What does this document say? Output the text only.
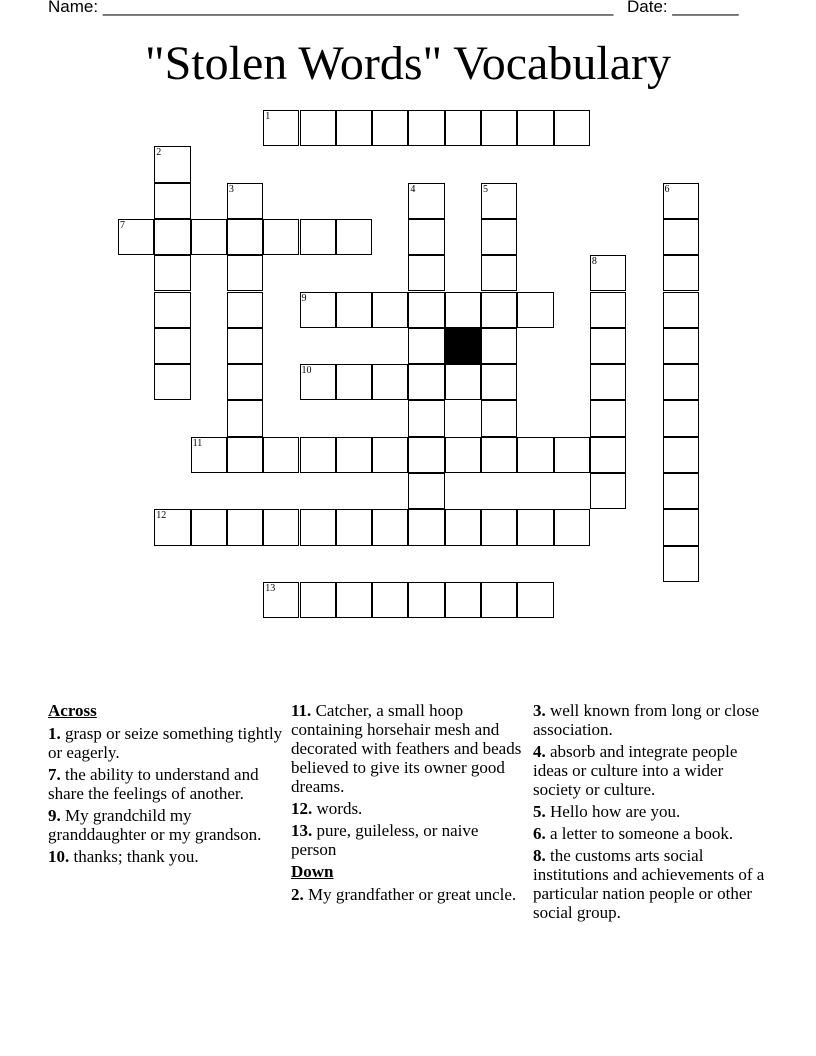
Name: ______________________________________________________ Date: _______
"Stolen Words" Vocabulary
1
2
3	4	5	6
7
8
9
10
11
12
13
Across
1. grasp or seize something tightly or eagerly.
7. the ability to understand and share the feelings of another.
9. My grandchild my granddaughter or my grandson.
10. thanks; thank you.
11. Catcher, a small hoop containing horsehair mesh and decorated with feathers and beads believed to give its owner good dreams.
12. words.
13. pure, guileless, or naive person
Down
2. My grandfather or great uncle.
3. well known from long or close association.
4. absorb and integrate people ideas or culture into a wider society or culture.
5. Hello how are you.
6. a letter to someone a book.
8. the customs arts social institutions and achievements of a particular nation people or other social group.
